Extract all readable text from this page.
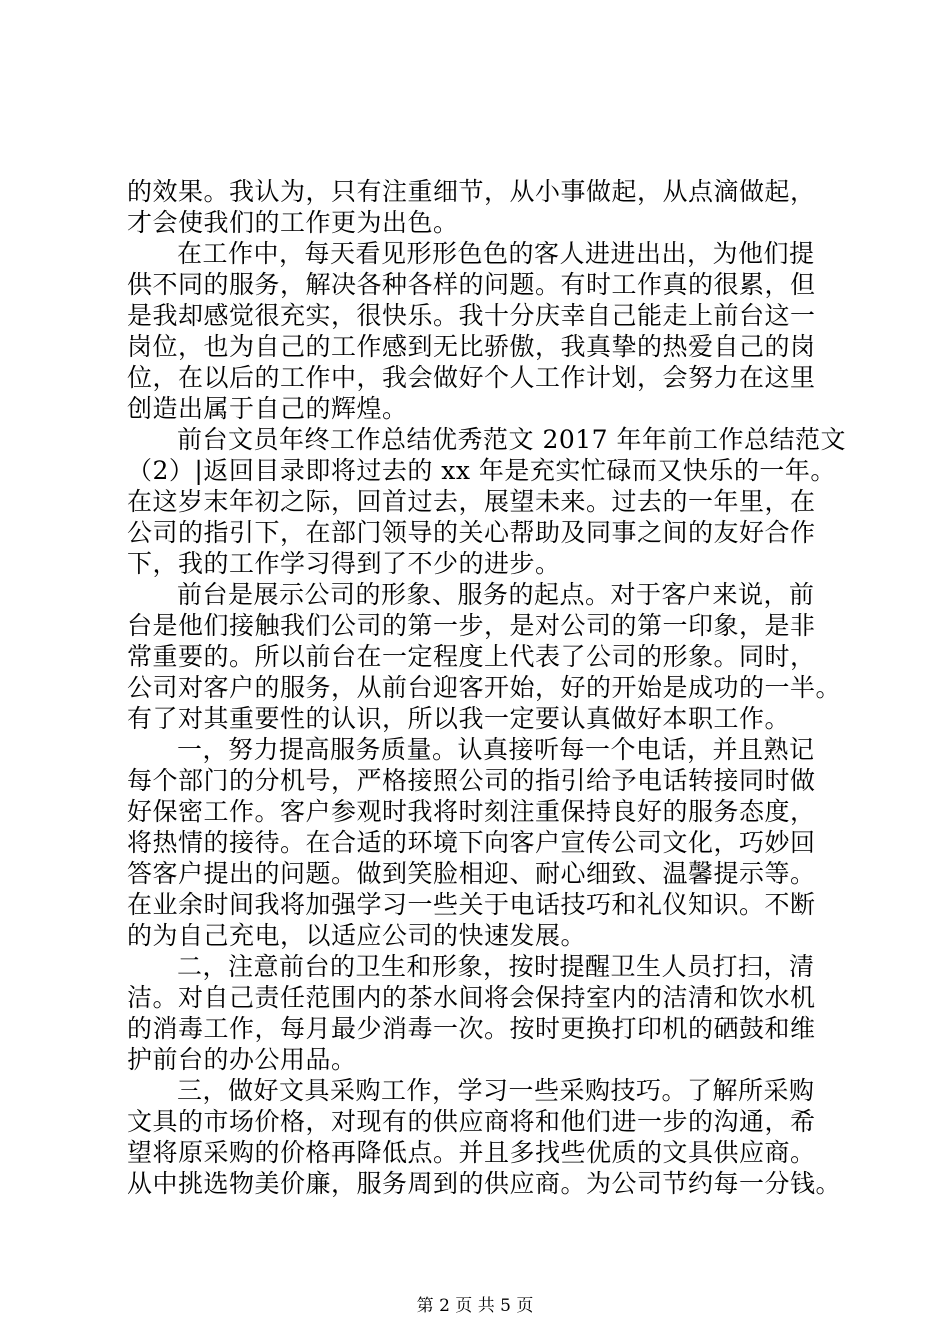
的效果。我认为，只有注重细节，从小事做起，从点滴做起，
才会使我们的工作更为出色。
在工作中，每天看见形形色色的客人进进出出，为他们提
供不同的服务，解决各种各样的问题。有时工作真的很累，但
是我却感觉很充实，很快乐。我十分庆幸自己能走上前台这一
岗位，也为自己的工作感到无比骄傲，我真挚的热爱自己的岗
位，在以后的工作中，我会做好个人工作计划，会努力在这里
创造出属于自己的辉煌。
前台文员年终工作总结优秀范文 2017 年年前工作总结范文
（2）|返回目录即将过去的 xx 年是充实忙碌而又快乐的一年。
在这岁末年初之际，回首过去，展望未来。过去的一年里，在
公司的指引下，在部门领导的关心帮助及同事之间的友好合作
下，我的工作学习得到了不少的进步。
前台是展示公司的形象、服务的起点。对于客户来说，前
台是他们接触我们公司的第一步，是对公司的第一印象，是非
常重要的。所以前台在一定程度上代表了公司的形象。同时，
公司对客户的服务，从前台迎客开始，好的开始是成功的一半。
有了对其重要性的认识，所以我一定要认真做好本职工作。
一，努力提高服务质量。认真接听每一个电话，并且熟记
每个部门的分机号，严格接照公司的指引给予电话转接同时做
好保密工作。客户参观时我将时刻注重保持良好的服务态度，
将热情的接待。在合适的环境下向客户宣传公司文化，巧妙回
答客户提出的问题。做到笑脸相迎、耐心细致、温馨提示等。
在业余时间我将加强学习一些关于电话技巧和礼仪知识。不断
的为自己充电，以适应公司的快速发展。
二，注意前台的卫生和形象，按时提醒卫生人员打扫，清
洁。对自己责任范围内的茶水间将会保持室内的洁清和饮水机
的消毒工作，每月最少消毒一次。按时更换打印机的硒鼓和维
护前台的办公用品。
三，做好文具采购工作，学习一些采购技巧。了解所采购
文具的市场价格，对现有的供应商将和他们进一步的沟通，希
望将原采购的价格再降低点。并且多找些优质的文具供应商。
从中挑选物美价廉，服务周到的供应商。为公司节约每一分钱。
第 2 页 共 5 页
